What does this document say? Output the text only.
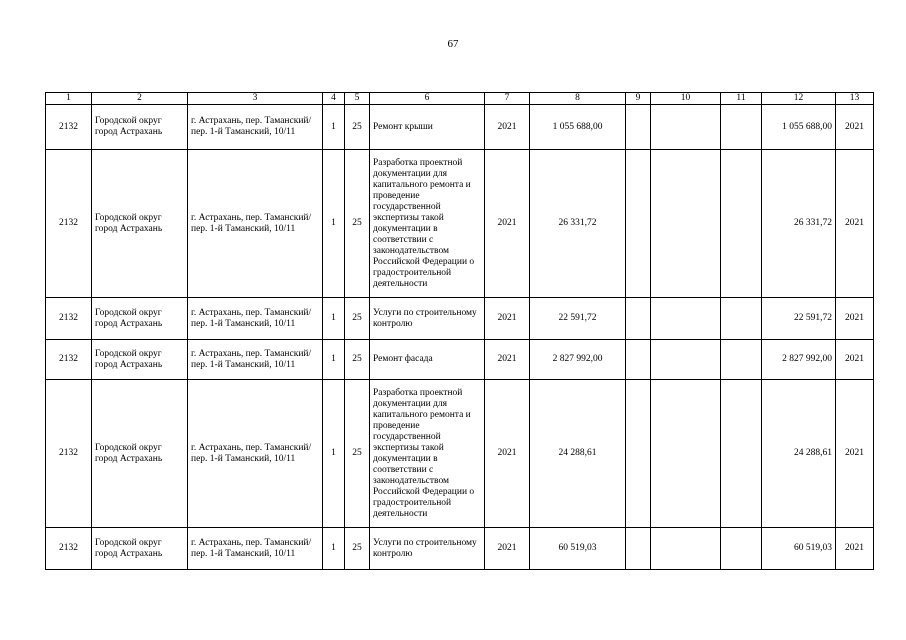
67
1	2	3	4	5	6	7	8	9	10	11	12	13
2132	Городской округ город Астрахань	г. Астрахань, пер. Таманский/пер. 1-й Таманский, 10/11	1	25	Ремонт крыши	2021	1 055 688,00				1 055 688,00	2021
2132	Городской округ город Астрахань	г. Астрахань, пер. Таманский/пер. 1-й Таманский, 10/11	1	25	Разработка проектной документации для капитального ремонта и проведение государственной экспертизы такой документации в соответствии с законодательством Российской Федерации о градостроительной деятельности	2021	26 331,72				26 331,72	2021
2132	Городской округ город Астрахань	г. Астрахань, пер. Таманский/пер. 1-й Таманский, 10/11	1	25	Услуги по строительному контролю	2021	22 591,72				22 591,72	2021
2132	Городской округ город Астрахань	г. Астрахань, пер. Таманский/пер. 1-й Таманский, 10/11	1	25	Ремонт фасада	2021	2 827 992,00				2 827 992,00	2021
2132	Городской округ город Астрахань	г. Астрахань, пер. Таманский/пер. 1-й Таманский, 10/11	1	25	Разработка проектной документации для капитального ремонта и проведение государственной экспертизы такой документации в соответствии с законодательством Российской Федерации о градостроительной деятельности	2021	24 288,61				24 288,61	2021
2132	Городской округ город Астрахань	г. Астрахань, пер. Таманский/пер. 1-й Таманский, 10/11	1	25	Услуги по строительному контролю	2021	60 519,03				60 519,03	2021
